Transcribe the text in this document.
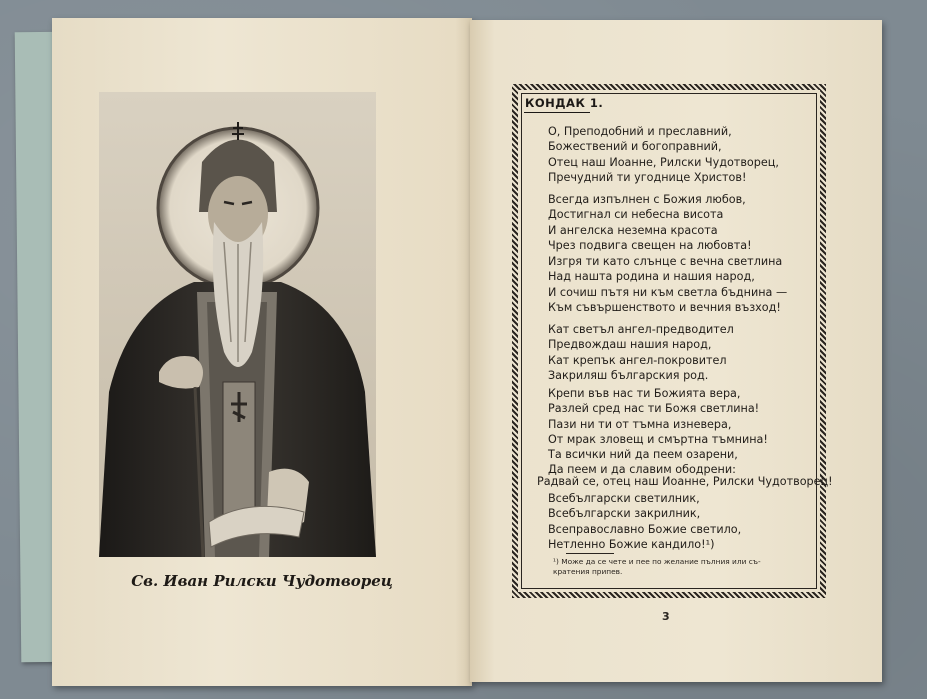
Св. Иван Рилски Чудотворец
КОНДАК 1.
О, Преподобний и преславний,
Божествений и богоправний,
Отец наш Иоанне, Рилски Чудотворец,
Пречудний ти угоднице Христов!
Всегда изпълнен с Божия любов,
Достигнал си небесна висота
И ангелска неземна красота
Чрез подвига свещен на любовта!
Изгря ти като слънце с вечна светлина
Над нашта родина и нашия народ,
И сочиш пътя ни към светла бъднина —
Към съвършенството и вечния възход!
Кат светъл ангел-предводител
Предвождаш нашия народ,
Кат крепък ангел-покровител
Закриляш българския род.
Крепи във нас ти Божията вера,
Разлей сред нас ти Божя светлина!
Пази ни ти от тъмна изневера,
От мрак зловещ и смъртна тъмнина!
Та всички ний да пеем озарени,
Да пеем и да славим ободрени:
Радвай се, отец наш Иоанне, Рилски Чудотворец!
Всебългарски светилник,
Всебългарски закрилник,
Всеправославно Божие светило,
Нетленно Божие кандило!¹)
¹) Може да се чете и пее по желание пълния или съ-
кратения припев.
3
